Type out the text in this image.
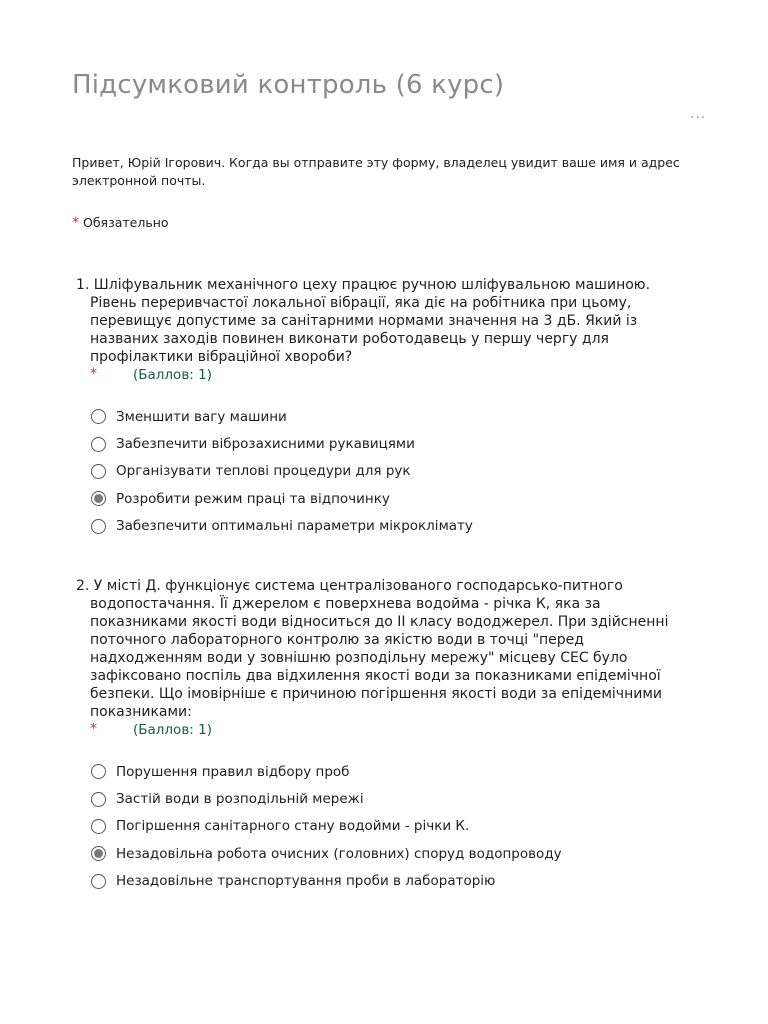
Підсумковий контроль (6 курс)
...

Привет, Юрій Ігорович. Когда вы отправите эту форму, владелец увидит ваше имя и адрес электронной почты.

* Обязательно

1. Шліфувальник механічного цеху працює ручною шліфувальною машиною. Рівень переривчастої локальної вібрації, яка діє на робітника при цьому, перевищує допустиме за санітарними нормами значення на 3 дБ. Який із названих заходів повинен виконати роботодавець у першу чергу для профілактики вібраційної хвороби?

*	(Баллов: 1)
Зменшити вагу машини
Забезпечити віброзахисними рукавицями
Організувати теплові процедури для рук
Розробити режим праці та відпочинку
Забезпечити оптимальні параметри мікроклімату

2. У місті Д. функціонує система централізованого господарсько-питного водопостачання. Її джерелом є поверхнева водойма - річка К, яка за показниками якості води відноситься до II класу вододжерел. При здійсненні поточного лабораторного контролю за якістю води в точці "перед надходженням води у зовнішню розподільну мережу" місцеву СЕС було зафіксовано поспіль два відхилення якості води за показниками епідемічної безпеки. Що імовірніше є причиною погіршення якості води за епідемічними показниками:

*	(Баллов: 1)
Порушення правил відбору проб
Застій води в розподільній мережі
Погіршення санітарного стану водойми - річки К.
Незадовільна робота очисних (головних) споруд водопроводу
Незадовільне транспортування проби в лабораторію
